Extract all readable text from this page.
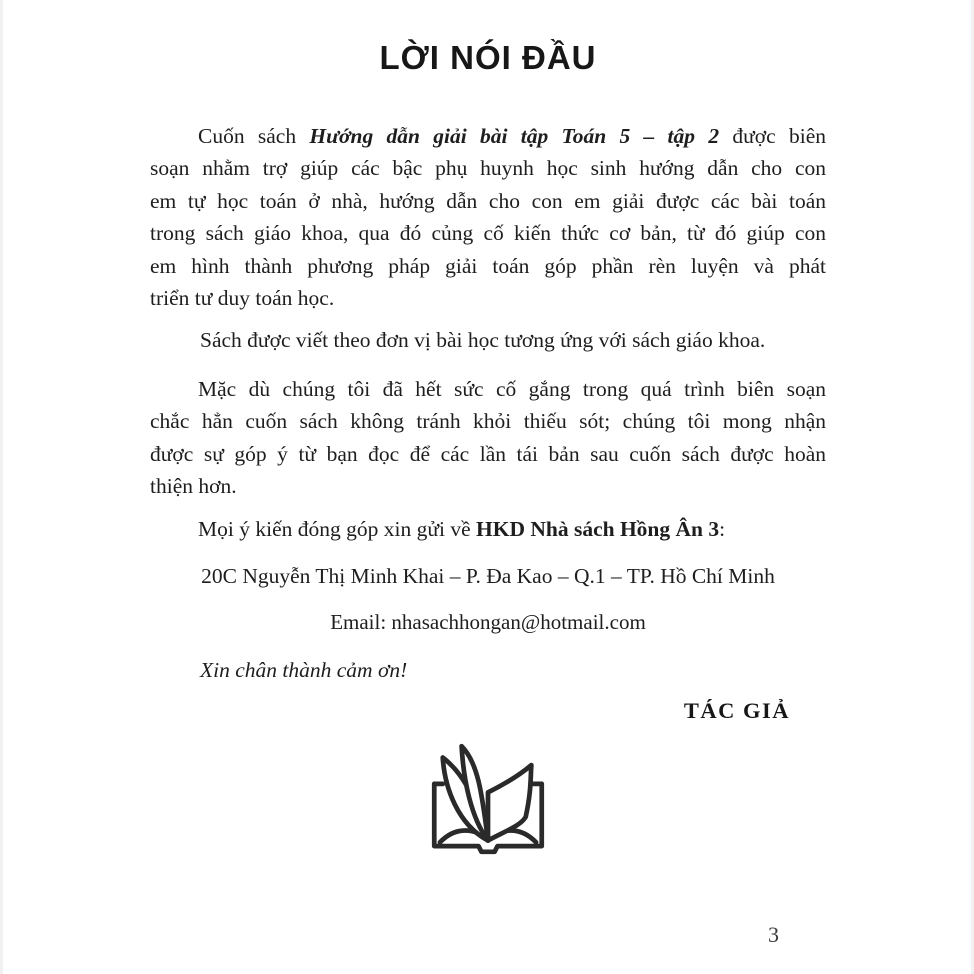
LỜI NÓI ĐẦU
Cuốn sách Hướng dẫn giải bài tập Toán 5 – tập 2 được biên
soạn nhằm trợ giúp các bậc phụ huynh học sinh hướng dẫn cho con
em tự học toán ở nhà, hướng dẫn cho con em giải được các bài toán
trong sách giáo khoa, qua đó củng cố kiến thức cơ bản, từ đó giúp con
em hình thành phương pháp giải toán góp phần rèn luyện và phát
triển tư duy toán học.
Sách được viết theo đơn vị bài học tương ứng với sách giáo khoa.
Mặc dù chúng tôi đã hết sức cố gắng trong quá trình biên soạn
chắc hẳn cuốn sách không tránh khỏi thiếu sót; chúng tôi mong nhận
được sự góp ý từ bạn đọc để các lần tái bản sau cuốn sách được hoàn
thiện hơn.
Mọi ý kiến đóng góp xin gửi về HKD Nhà sách Hồng Ân 3:
20C Nguyễn Thị Minh Khai – P. Đa Kao – Q.1 – TP. Hồ Chí Minh
Email: nhasachhongan@hotmail.com
Xin chân thành cảm ơn!
TÁC GIẢ
3
